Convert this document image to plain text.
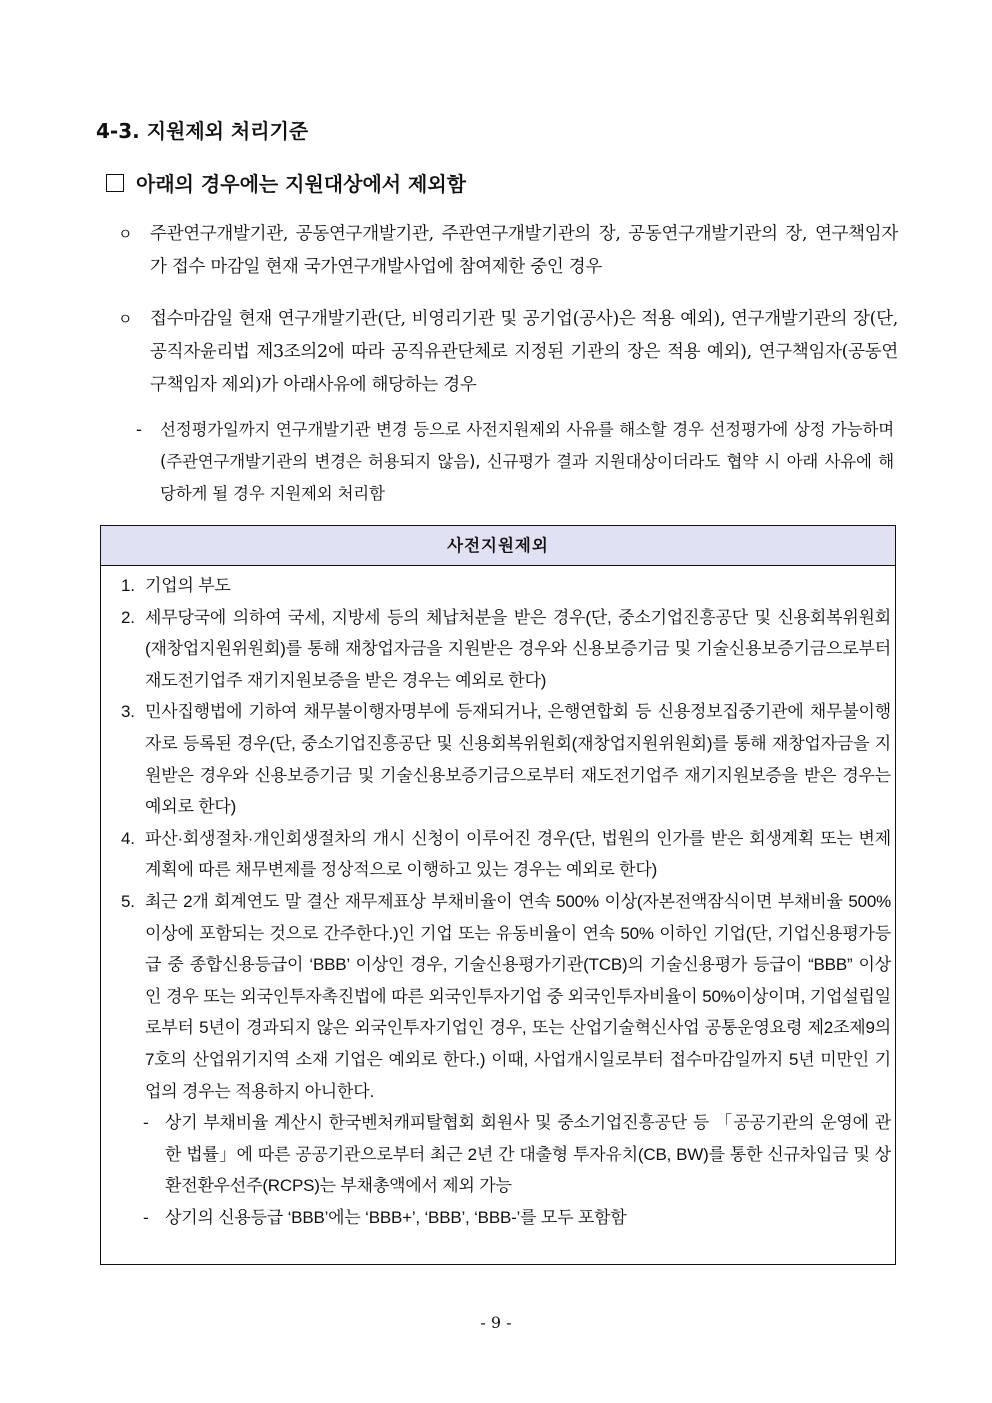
4-3. 지원제외 처리기준
아래의 경우에는 지원대상에서 제외함
ㅇ	주관연구개발기관, 공동연구개발기관, 주관연구개발기관의 장, 공동연구개발기관의 장, 연구책임자가 접수 마감일 현재 국가연구개발사업에 참여제한 중인 경우
ㅇ	접수마감일 현재 연구개발기관(단, 비영리기관 및 공기업(공사)은 적용 예외), 연구개발기관의 장(단, 공직자윤리법 제3조의2에 따라 공직유관단체로 지정된 기관의 장은 적용 예외), 연구책임자(공동연구책임자 제외)가 아래사유에 해당하는 경우
-	선정평가일까지 연구개발기관 변경 등으로 사전지원제외 사유를 해소할 경우 선정평가에 상정 가능하며(주관연구개발기관의 변경은 허용되지 않음), 신규평가 결과 지원대상이더라도 협약 시 아래 사유에 해당하게 될 경우 지원제외 처리함
사전지원제외
1. 기업의 부도
2. 세무당국에 의하여 국세, 지방세 등의 체납처분을 받은 경우(단, 중소기업진흥공단 및 신용회복위원회(재창업지원위원회)를 통해 재창업자금을 지원받은 경우와 신용보증기금 및 기술신용보증기금으로부터 재도전기업주 재기지원보증을 받은 경우는 예외로 한다)
3. 민사집행법에 기하여 채무불이행자명부에 등재되거나, 은행연합회 등 신용정보집중기관에 채무불이행자로 등록된 경우(단, 중소기업진흥공단 및 신용회복위원회(재창업지원위원회)를 통해 재창업자금을 지원받은 경우와 신용보증기금 및 기술신용보증기금으로부터 재도전기업주 재기지원보증을 받은 경우는 예외로 한다)
4. 파산·회생절차·개인회생절차의 개시 신청이 이루어진 경우(단, 법원의 인가를 받은 회생계획 또는 변제계획에 따른 채무변제를 정상적으로 이행하고 있는 경우는 예외로 한다)
5. 최근 2개 회계연도 말 결산 재무제표상 부채비율이 연속 500% 이상(자본전액잠식이면 부채비율 500% 이상에 포함되는 것으로 간주한다.)인 기업 또는 유동비율이 연속 50% 이하인 기업(단, 기업신용평가등급 중 종합신용등급이 ‘BBB’ 이상인 경우, 기술신용평가기관(TCB)의 기술신용평가 등급이 “BBB” 이상인 경우 또는 외국인투자촉진법에 따른 외국인투자기업 중 외국인투자비율이 50%이상이며, 기업설립일로부터 5년이 경과되지 않은 외국인투자기업인 경우, 또는 산업기술혁신사업 공통운영요령 제2조제9의7호의 산업위기지역 소재 기업은 예외로 한다.) 이때, 사업개시일로부터 접수마감일까지 5년 미만인 기업의 경우는 적용하지 아니한다.
- 상기 부채비율 계산시 한국벤처캐피탈협회 회원사 및 중소기업진흥공단 등 「공공기관의 운영에 관한 법률」에 따른 공공기관으로부터 최근 2년 간 대출형 투자유치(CB, BW)를 통한 신규차입금 및 상환전환우선주(RCPS)는 부채총액에서 제외 가능
- 상기의 신용등급 ‘BBB’에는 ‘BBB+’, ‘BBB’, ‘BBB-’를 모두 포함함
- 9 -
